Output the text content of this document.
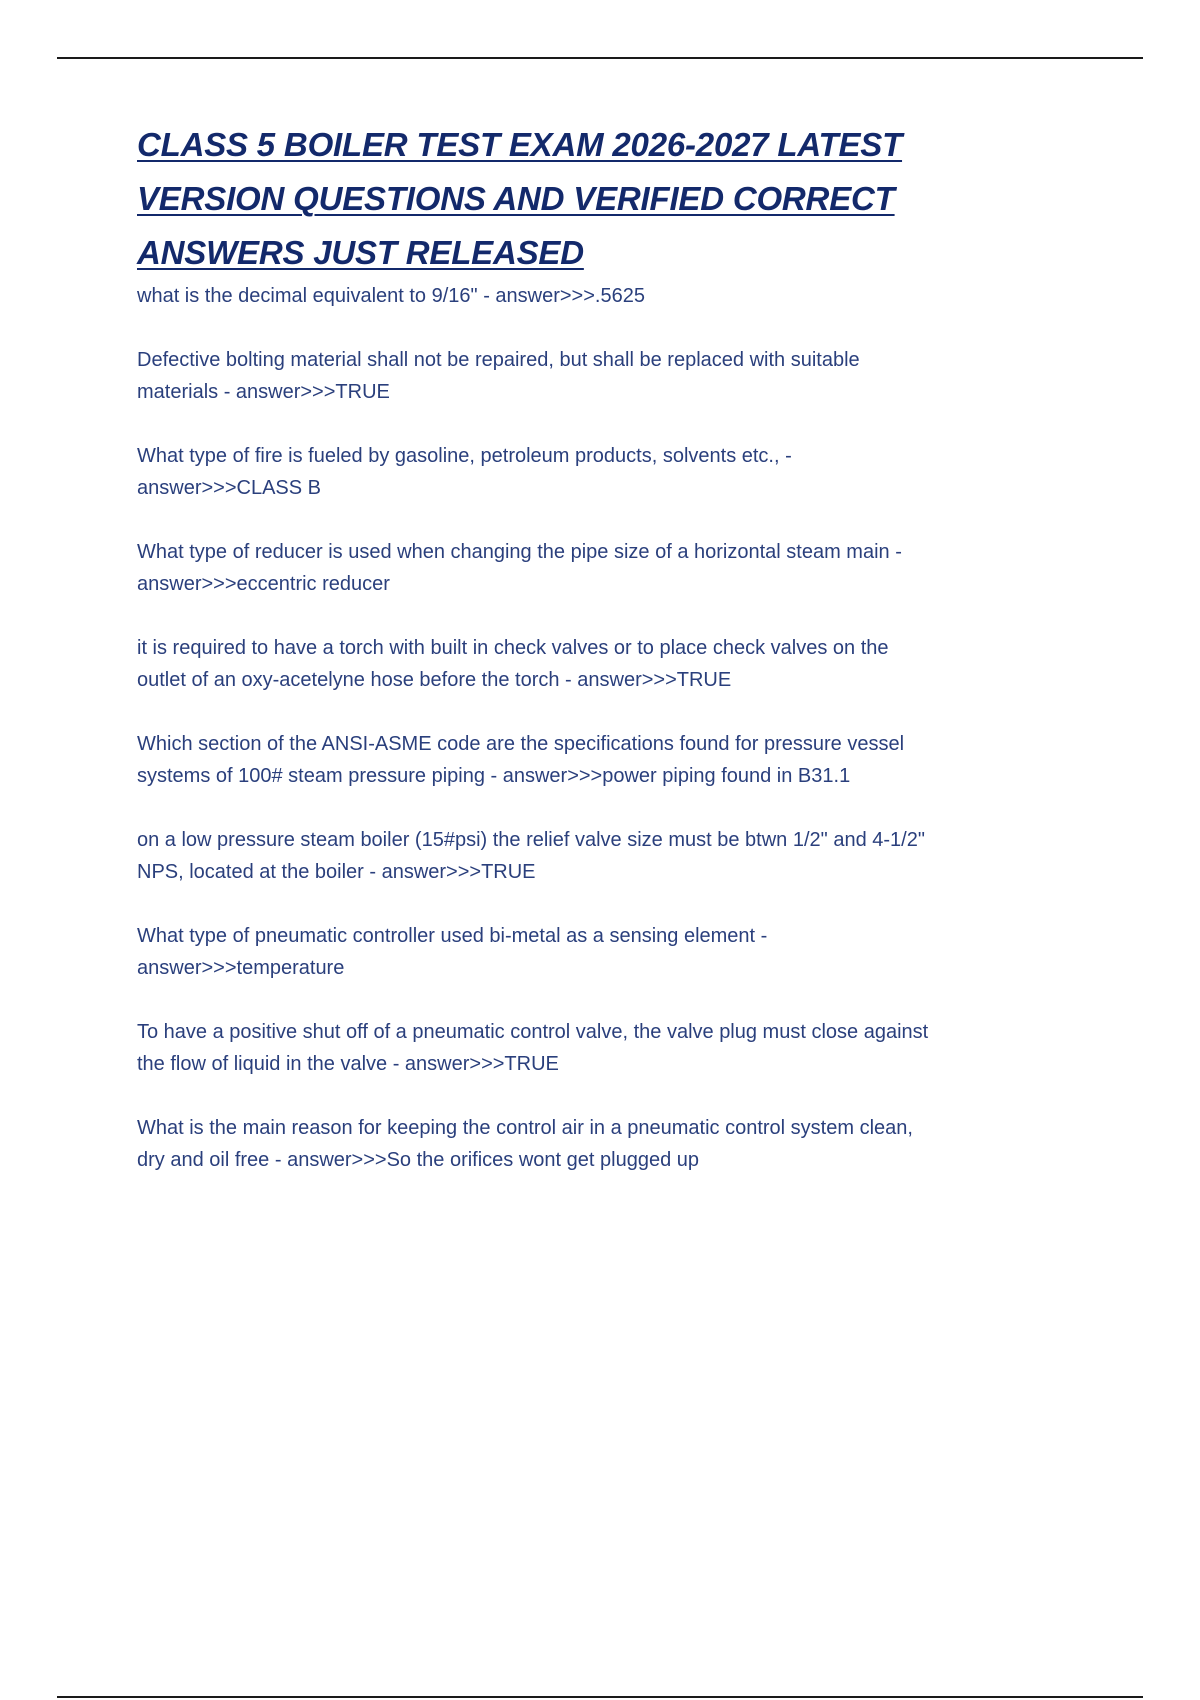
CLASS 5 BOILER TEST EXAM 2026-2027 LATEST
VERSION QUESTIONS AND VERIFIED CORRECT
ANSWERS JUST RELEASED
what is the decimal equivalent to 9/16" - answer>>>.5625
Defective bolting material shall not be repaired, but shall be replaced with suitable
materials - answer>>>TRUE
What type of fire is fueled by gasoline, petroleum products, solvents etc., -
answer>>>CLASS B
What type of reducer is used when changing the pipe size of a horizontal steam main -
answer>>>eccentric reducer
it is required to have a torch with built in check valves or to place check valves on the
outlet of an oxy-acetelyne hose before the torch - answer>>>TRUE
Which section of the ANSI-ASME code are the specifications found for pressure vessel
systems of 100# steam pressure piping - answer>>>power piping found in B31.1
on a low pressure steam boiler (15#psi) the relief valve size must be btwn 1/2" and 4-1/2"
NPS, located at the boiler - answer>>>TRUE
What type of pneumatic controller used bi-metal as a sensing element -
answer>>>temperature
To have a positive shut off of a pneumatic control valve, the valve plug must close against
the flow of liquid in the valve - answer>>>TRUE
What is the main reason for keeping the control air in a pneumatic control system clean,
dry and oil free - answer>>>So the orifices wont get plugged up
